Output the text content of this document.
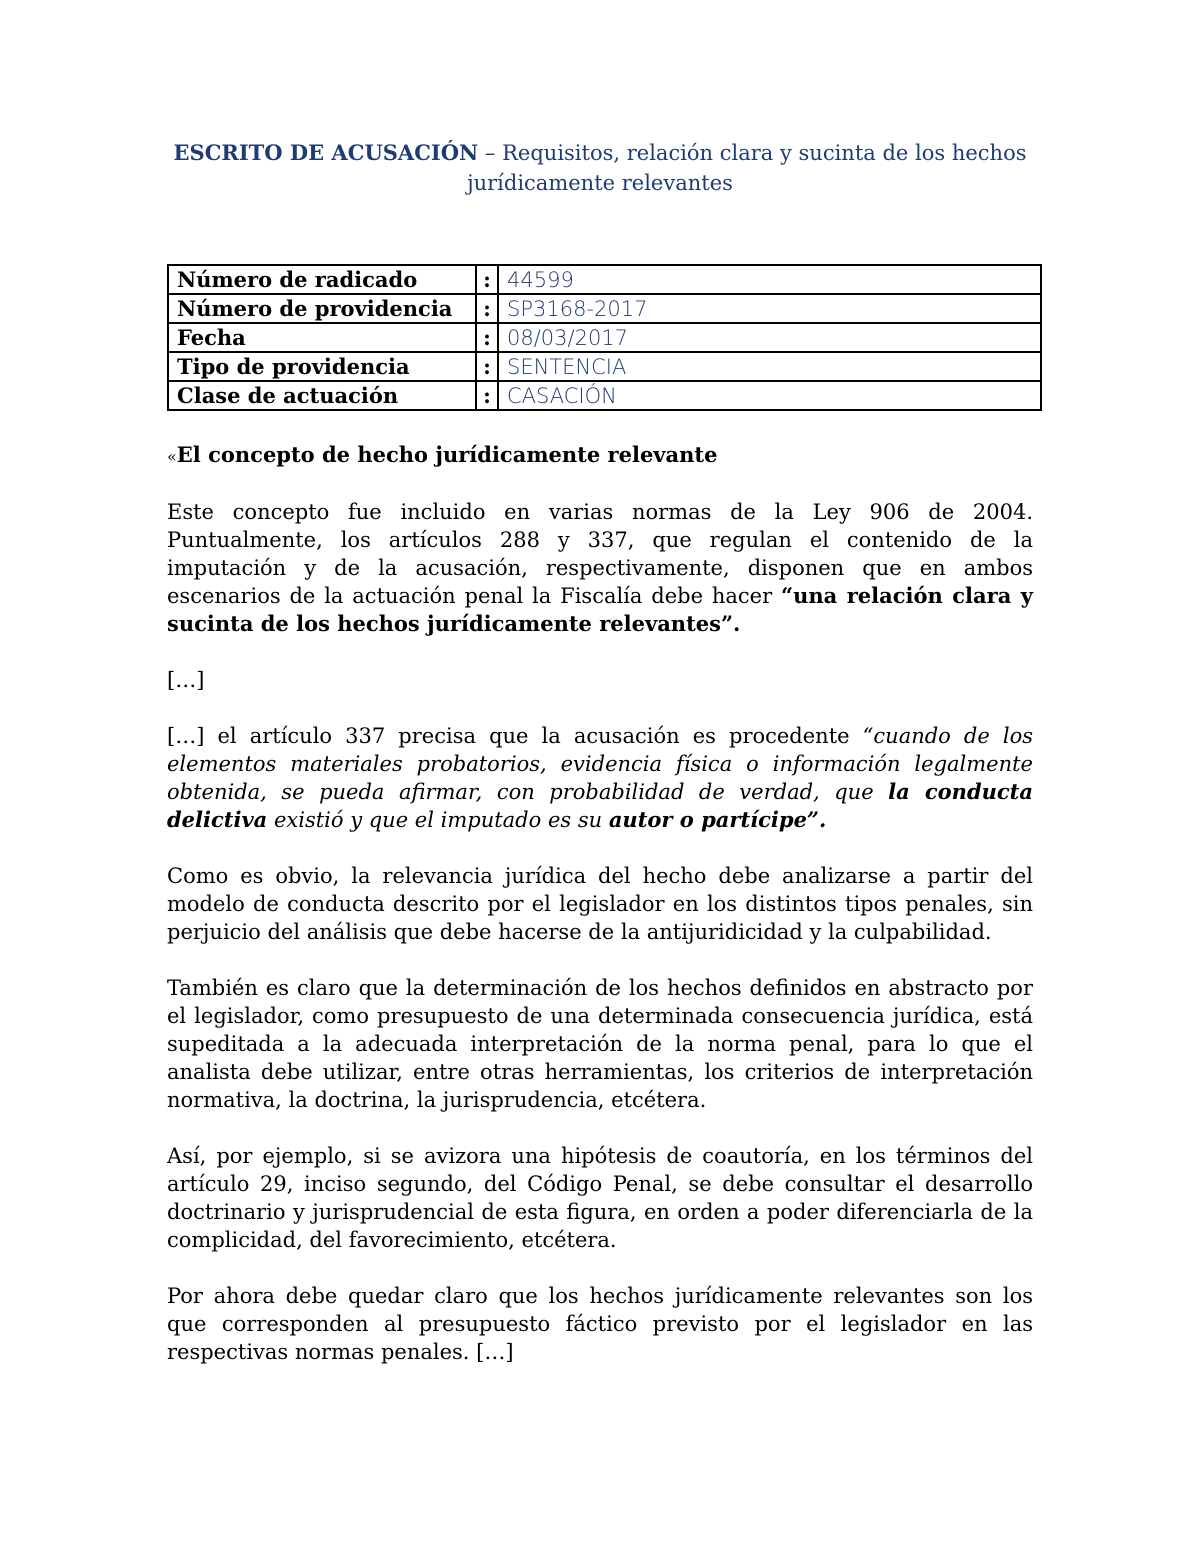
ESCRITO DE ACUSACIÓN – Requisitos, relación clara y sucinta de los hechos jurídicamente relevantes
Número de radicado	:	44599
Número de providencia	:	SP3168-2017
Fecha	:	08/03/2017
Tipo de providencia	:	SENTENCIA
Clase de actuación	:	CASACIÓN
«El concepto de hecho jurídicamente relevante

Este concepto fue incluido en varias normas de la Ley 906 de 2004. Puntualmente, los artículos 288 y 337, que regulan el contenido de la imputación y de la acusación, respectivamente, disponen que en ambos escenarios de la actuación penal la Fiscalía debe hacer “una relación clara y sucinta de los hechos jurídicamente relevantes”.

[…]

[…] el artículo 337 precisa que la acusación es procedente “cuando de los elementos materiales probatorios, evidencia física o información legalmente obtenida, se pueda afirmar, con probabilidad de verdad, que la conducta delictiva existió y que el imputado es su autor o partícipe”.

Como es obvio, la relevancia jurídica del hecho debe analizarse a partir del modelo de conducta descrito por el legislador en los distintos tipos penales, sin perjuicio del análisis que debe hacerse de la antijuridicidad y la culpabilidad.

También es claro que la determinación de los hechos definidos en abstracto por el legislador, como presupuesto de una determinada consecuencia jurídica, está supeditada a la adecuada interpretación de la norma penal, para lo que el analista debe utilizar, entre otras herramientas, los criterios de interpretación normativa, la doctrina, la jurisprudencia, etcétera.

Así, por ejemplo, si se avizora una hipótesis de coautoría, en los términos del artículo 29, inciso segundo, del Código Penal, se debe consultar el desarrollo doctrinario y jurisprudencial de esta figura, en orden a poder diferenciarla de la complicidad, del favorecimiento, etcétera.

Por ahora debe quedar claro que los hechos jurídicamente relevantes son los que corresponden al presupuesto fáctico previsto por el legislador en las respectivas normas penales. […]
